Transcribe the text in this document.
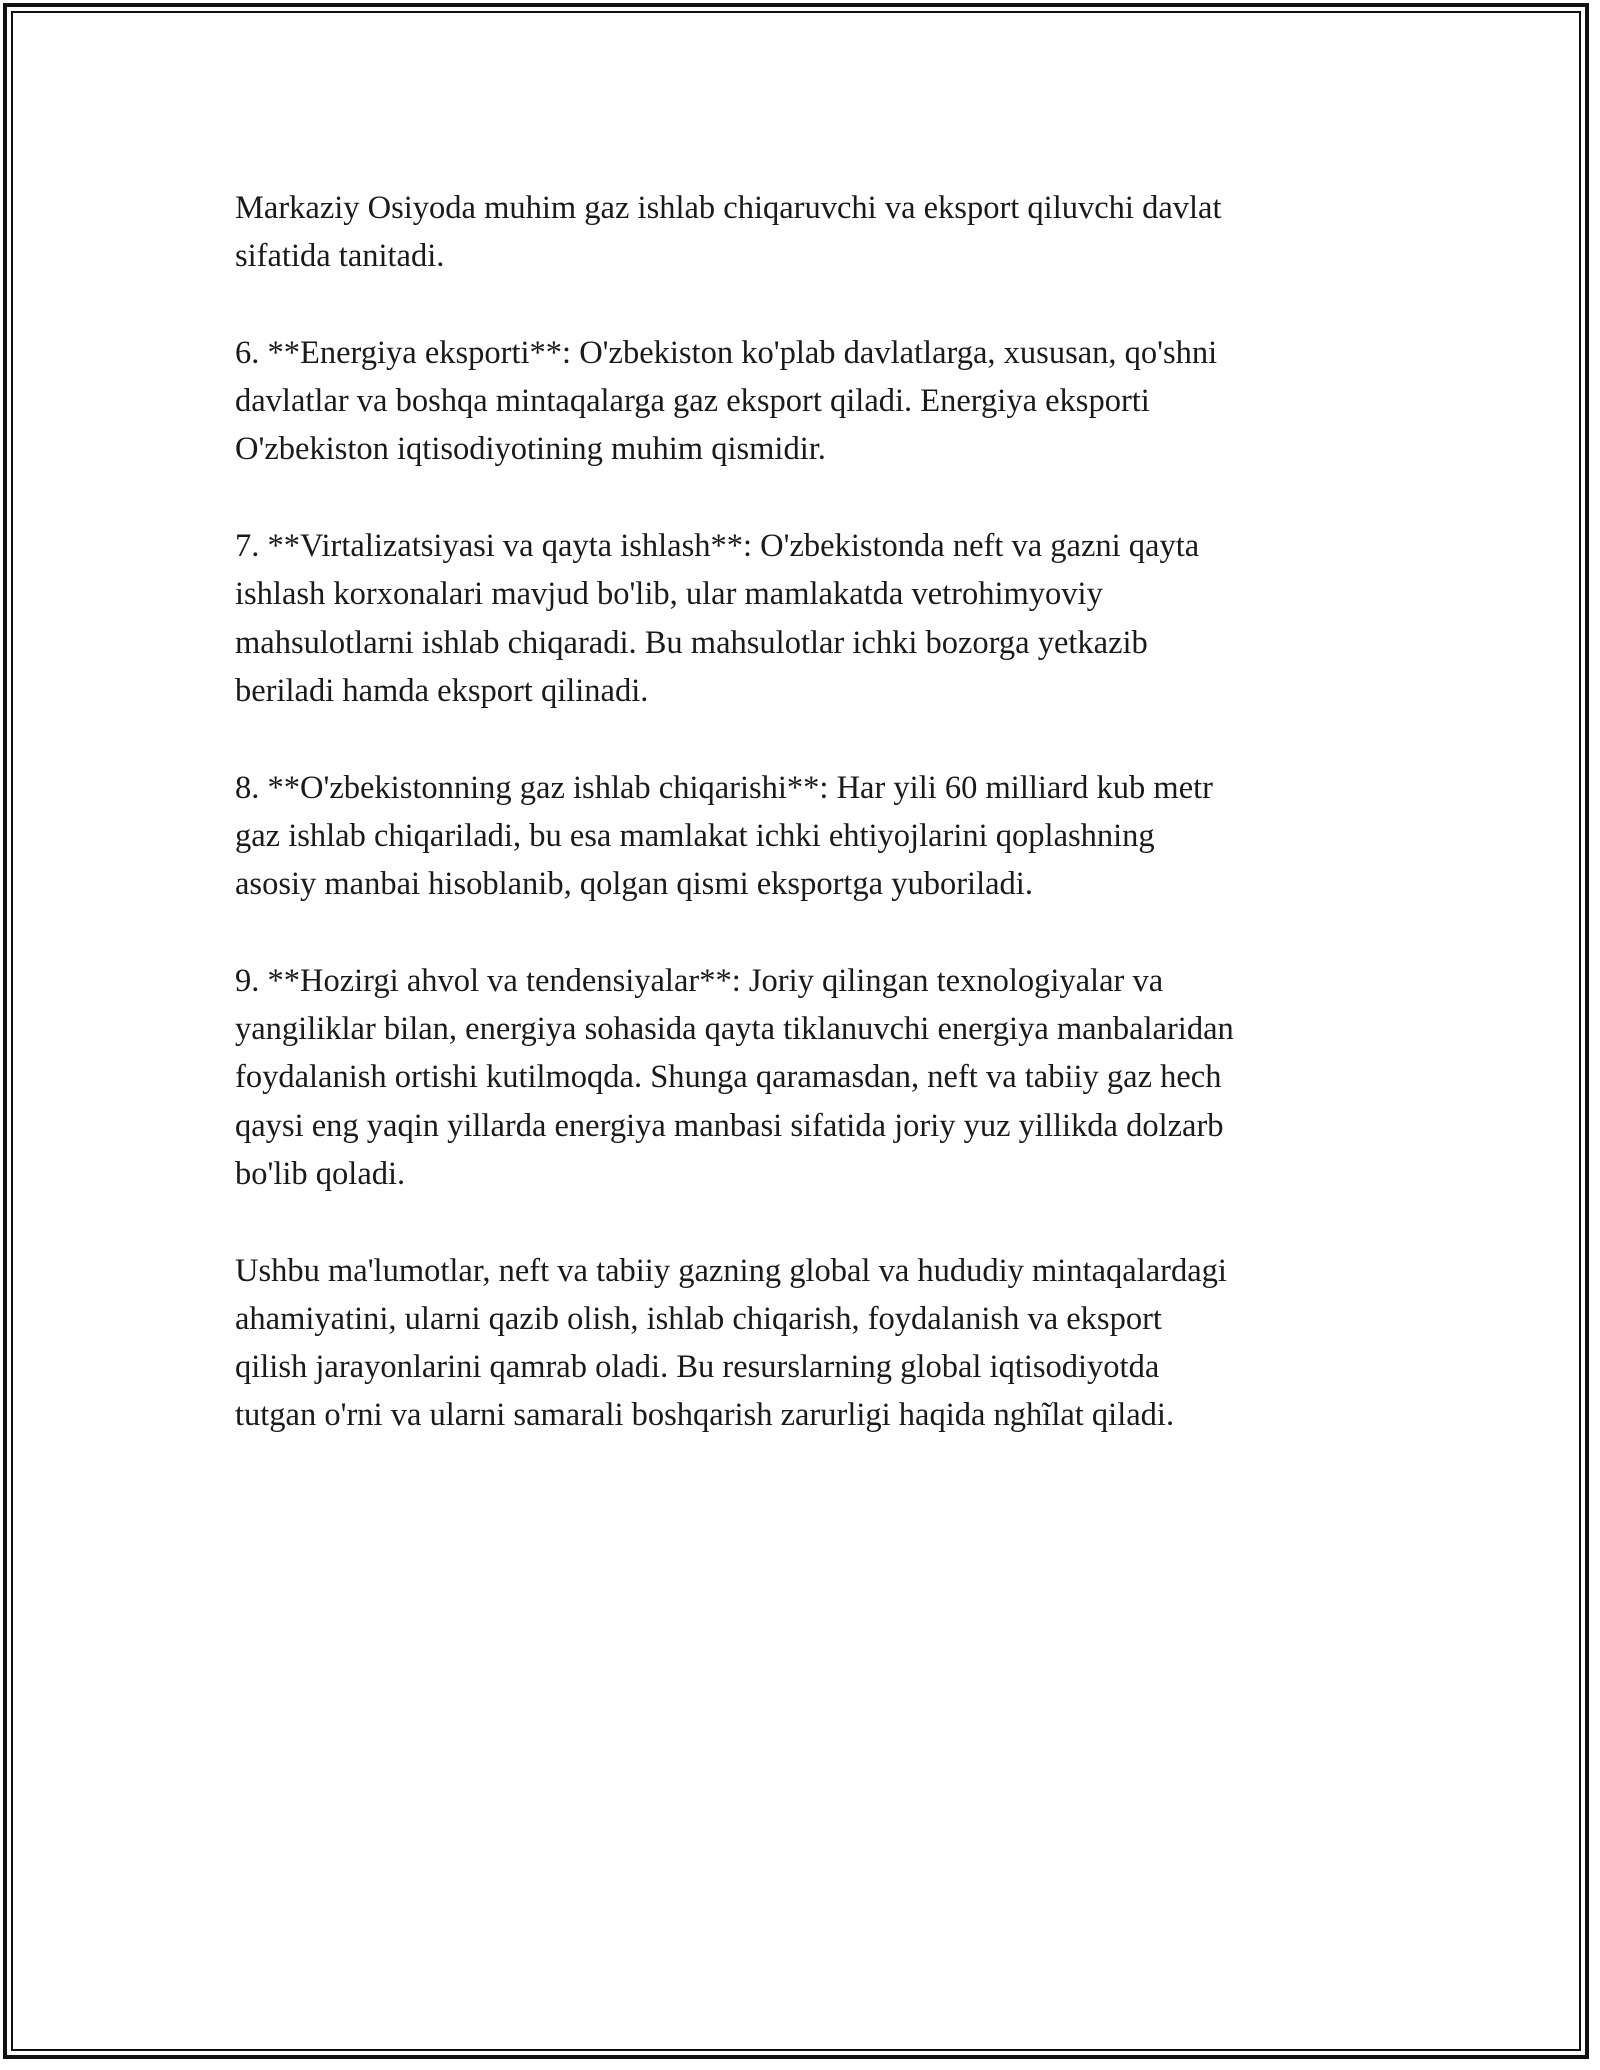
Markaziy Osiyoda muhim gaz ishlab chiqaruvchi va eksport qiluvchi davlat
sifatida tanitadi.

6. **Energiya eksporti**: O'zbekiston ko'plab davlatlarga, xususan, qo'shni
davlatlar va boshqa mintaqalarga gaz eksport qiladi. Energiya eksporti
O'zbekiston iqtisodiyotining muhim qismidir.

7. **Virtalizatsiyasi va qayta ishlash**: O'zbekistonda neft va gazni qayta
ishlash korxonalari mavjud bo'lib, ular mamlakatda vetrohimyoviy
mahsulotlarni ishlab chiqaradi. Bu mahsulotlar ichki bozorga yetkazib
beriladi hamda eksport qilinadi.

8. **O'zbekistonning gaz ishlab chiqarishi**: Har yili 60 milliard kub metr
gaz ishlab chiqariladi, bu esa mamlakat ichki ehtiyojlarini qoplashning
asosiy manbai hisoblanib, qolgan qismi eksportga yuboriladi.

9. **Hozirgi ahvol va tendensiyalar**: Joriy qilingan texnologiyalar va
yangiliklar bilan, energiya sohasida qayta tiklanuvchi energiya manbalaridan
foydalanish ortishi kutilmoqda. Shunga qaramasdan, neft va tabiiy gaz hech
qaysi eng yaqin yillarda energiya manbasi sifatida joriy yuz yillikda dolzarb
bo'lib qoladi.

Ushbu ma'lumotlar, neft va tabiiy gazning global va hududiy mintaqalardagi
ahamiyatini, ularni qazib olish, ishlab chiqarish, foydalanish va eksport
qilish jarayonlarini qamrab oladi. Bu resurslarning global iqtisodiyotda
tutgan o'rni va ularni samarali boshqarish zarurligi haqida nghĩlat qiladi.
